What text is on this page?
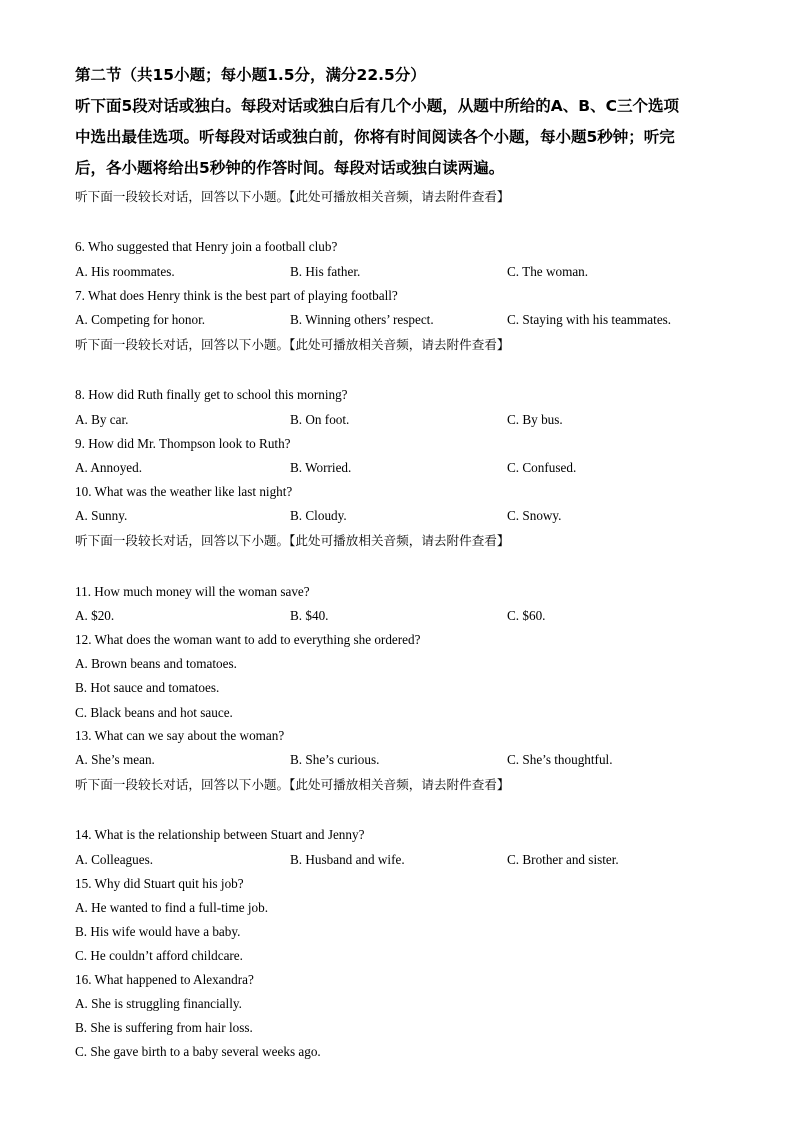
第二节（共15小题；每小题1.5分，满分22.5分）
听下面5段对话或独白。每段对话或独白后有几个小题，从题中所给的A、B、C三个选项
中选出最佳选项。听每段对话或独白前，你将有时间阅读各个小题，每小题5秒钟；听完
后，各小题将给出5秒钟的作答时间。每段对话或独白读两遍。
听下面一段较长对话，回答以下小题。【此处可播放相关音频，请去附件查看】
6. Who suggested that Henry join a football club?
A. His roommates.	B. His father.	C. The woman.
7. What does Henry think is the best part of playing football?
A. Competing for honor.	B. Winning others’ respect.	C. Staying with his teammates.
听下面一段较长对话，回答以下小题。【此处可播放相关音频，请去附件查看】
8. How did Ruth finally get to school this morning?
A. By car.	B. On foot.	C. By bus.
9. How did Mr. Thompson look to Ruth?
A. Annoyed.	B. Worried.	C. Confused.
10. What was the weather like last night?
A. Sunny.	B. Cloudy.	C. Snowy.
听下面一段较长对话，回答以下小题。【此处可播放相关音频，请去附件查看】
11. How much money will the woman save?
A. $20.	B. $40.	C. $60.
12. What does the woman want to add to everything she ordered?
A. Brown beans and tomatoes.
B. Hot sauce and tomatoes.
C. Black beans and hot sauce.
13. What can we say about the woman?
A. She’s mean.	B. She’s curious.	C. She’s thoughtful.
听下面一段较长对话，回答以下小题。【此处可播放相关音频，请去附件查看】
14. What is the relationship between Stuart and Jenny?
A. Colleagues.	B. Husband and wife.	C. Brother and sister.
15. Why did Stuart quit his job?
A. He wanted to find a full-time job.
B. His wife would have a baby.
C. He couldn’t afford childcare.
16. What happened to Alexandra?
A. She is struggling financially.
B. She is suffering from hair loss.
C. She gave birth to a baby several weeks ago.
